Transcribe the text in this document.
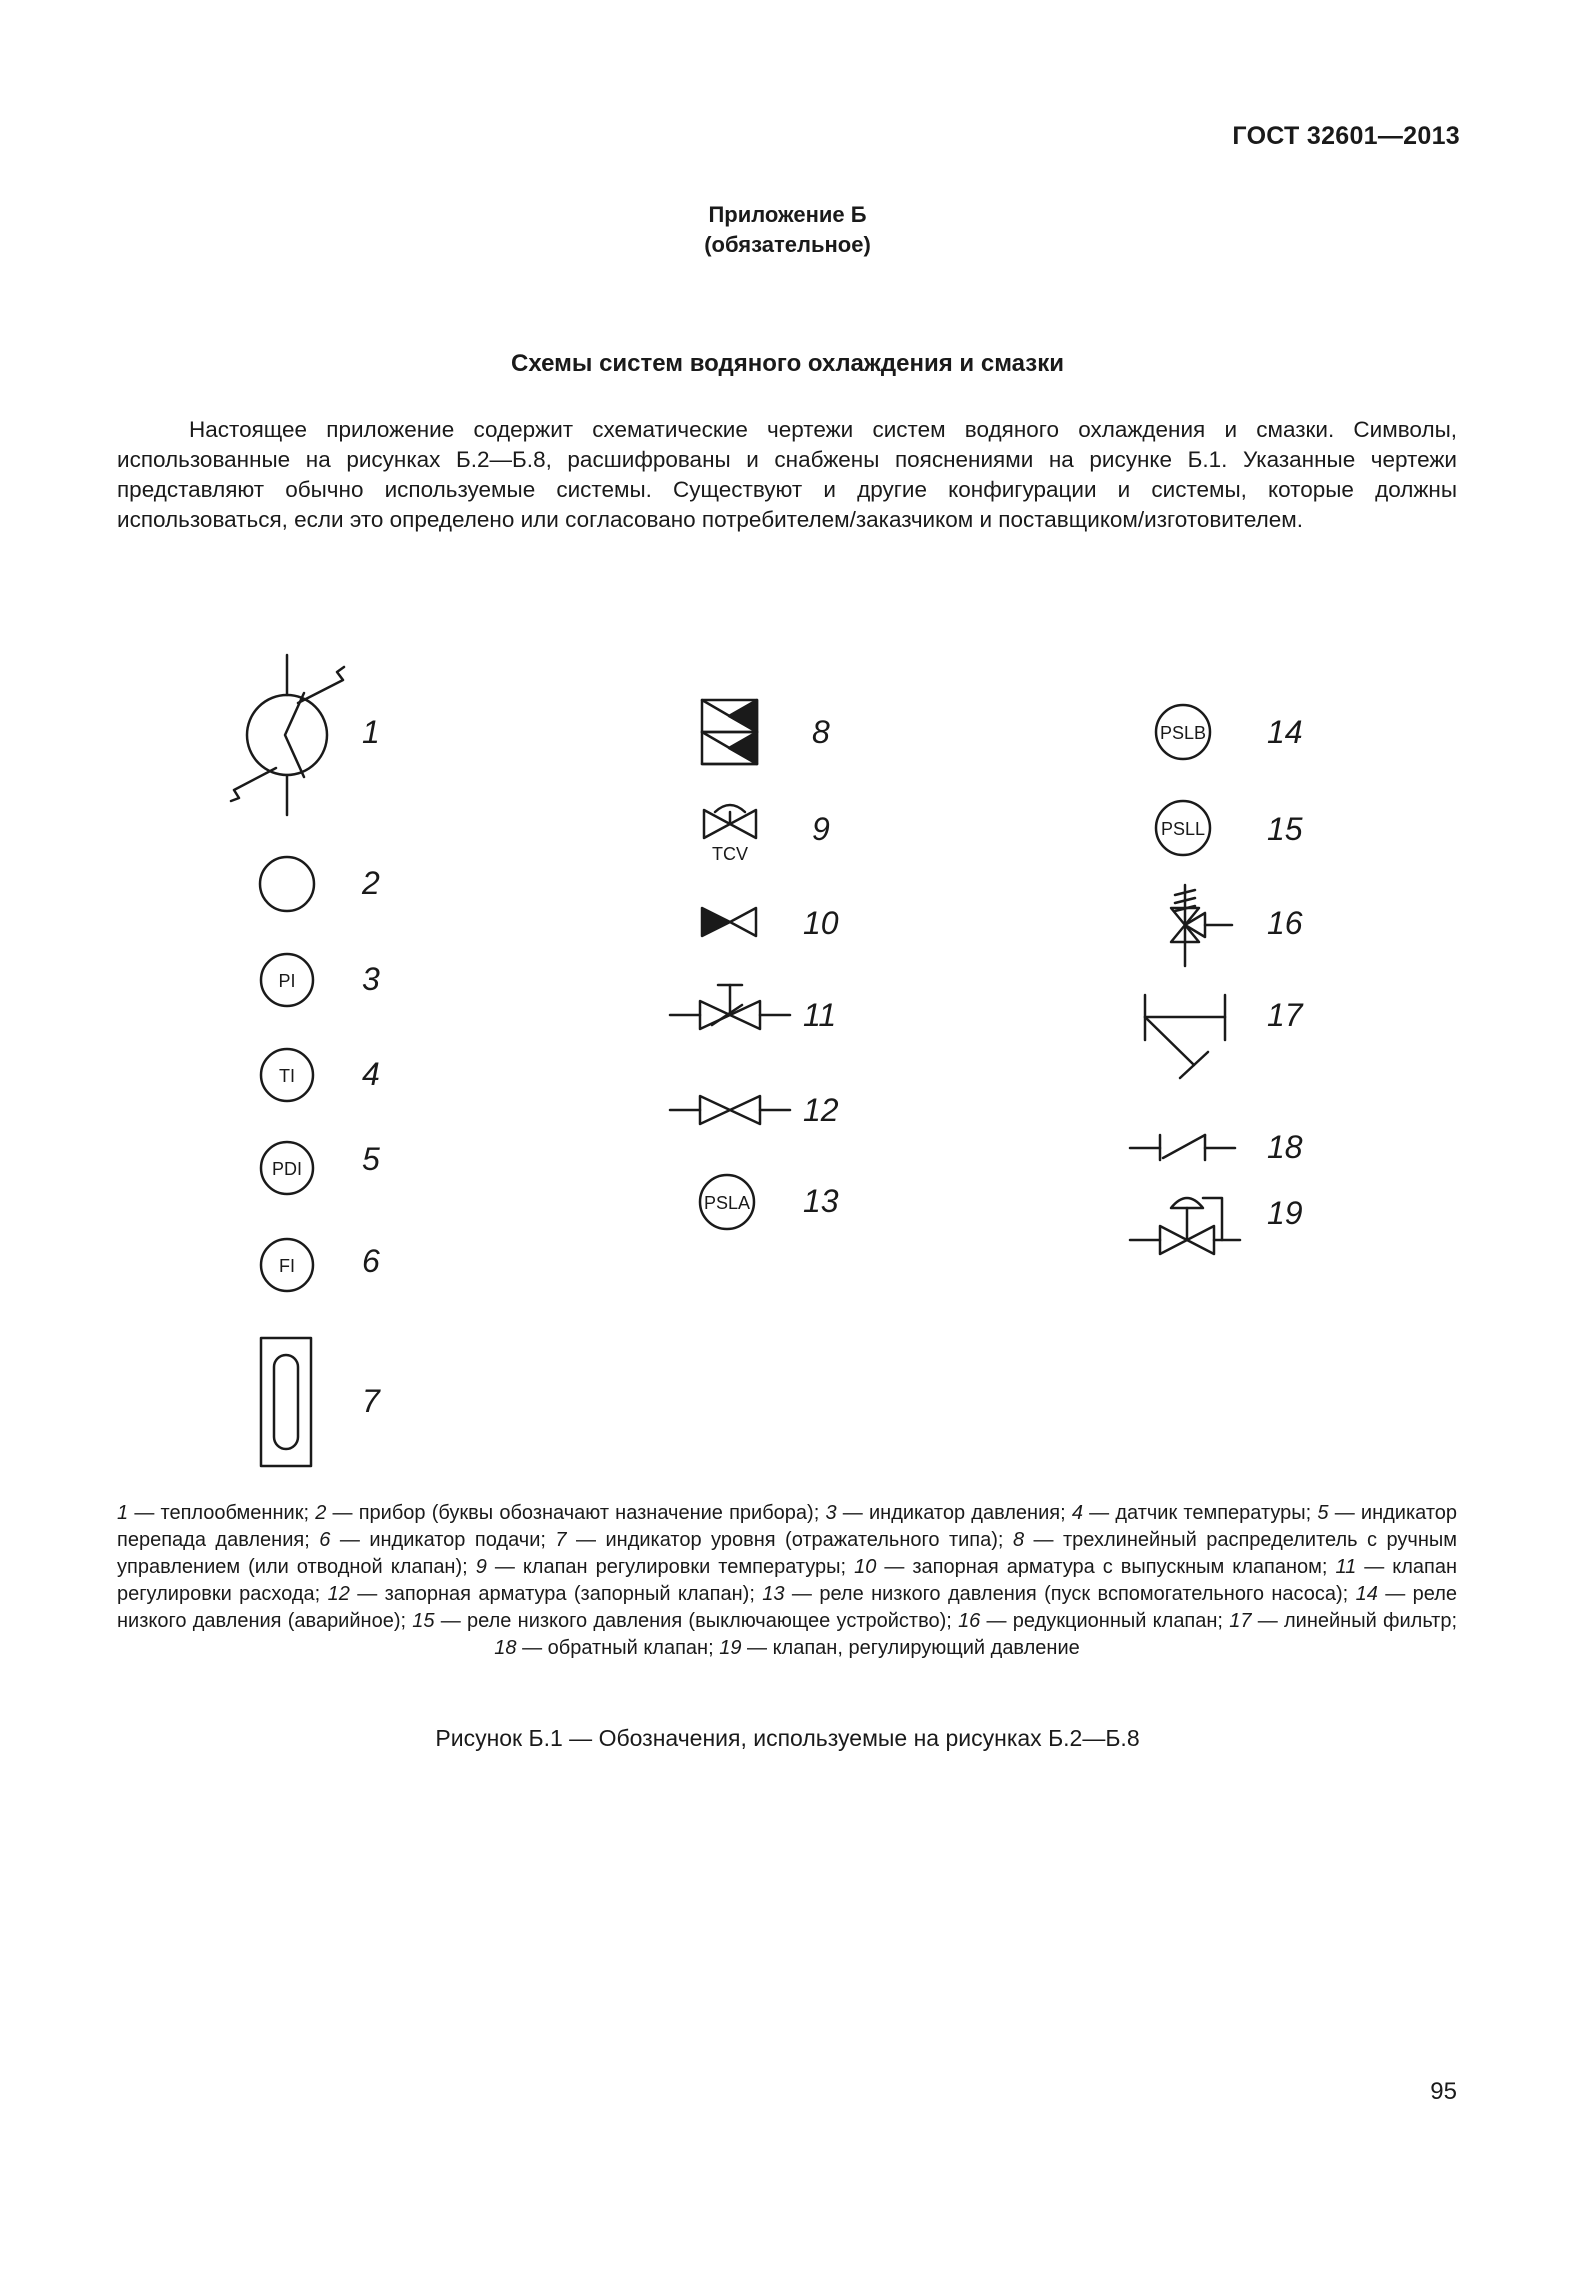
ГОСТ 32601—2013
Приложение Б
(обязательное)
Схемы систем водяного охлаждения и смазки

Настоящее приложение содержит схематические чертежи систем водяного охлаждения и смазки. Символы, использованные на рисунках Б.2—Б.8, расшифрованы и снабжены пояснениями на рисунке Б.1. Указанные чертежи представляют обычно используемые системы. Существуют и другие конфигурации и системы, которые должны использоваться, если это определено или согласовано потребителем/заказчиком и поставщиком/изготовителем.

1
2
PI 3
TI 4
PDI 5
FI 6
7
8
TCV
9
10
11
12
PSLA 13
PSLB 14
PSLL 15
16
17
18
19

1 — теплообменник; 2 — прибор (буквы обозначают назначение прибора); 3 — индикатор давления; 4 — датчик температуры; 5 — индикатор перепада давления; 6 — индикатор подачи; 7 — индикатор уровня (отражательного типа); 8 — трехлинейный распределитель с ручным управлением (или отводной клапан); 9 — клапан регулировки температуры; 10 — запорная арматура с выпускным клапаном; 11 — клапан регулировки расхода; 12 — запорная арматура (запорный клапан); 13 — реле низкого давления (пуск вспомогательного насоса); 14 — реле низкого давления (аварийное); 15 — реле низкого давления (выключающее устройство); 16 — редукционный клапан; 17 — линейный фильтр; 18 — обратный клапан; 19 — клапан, регулирующий давление

Рисунок Б.1 — Обозначения, используемые на рисунках Б.2—Б.8
95
